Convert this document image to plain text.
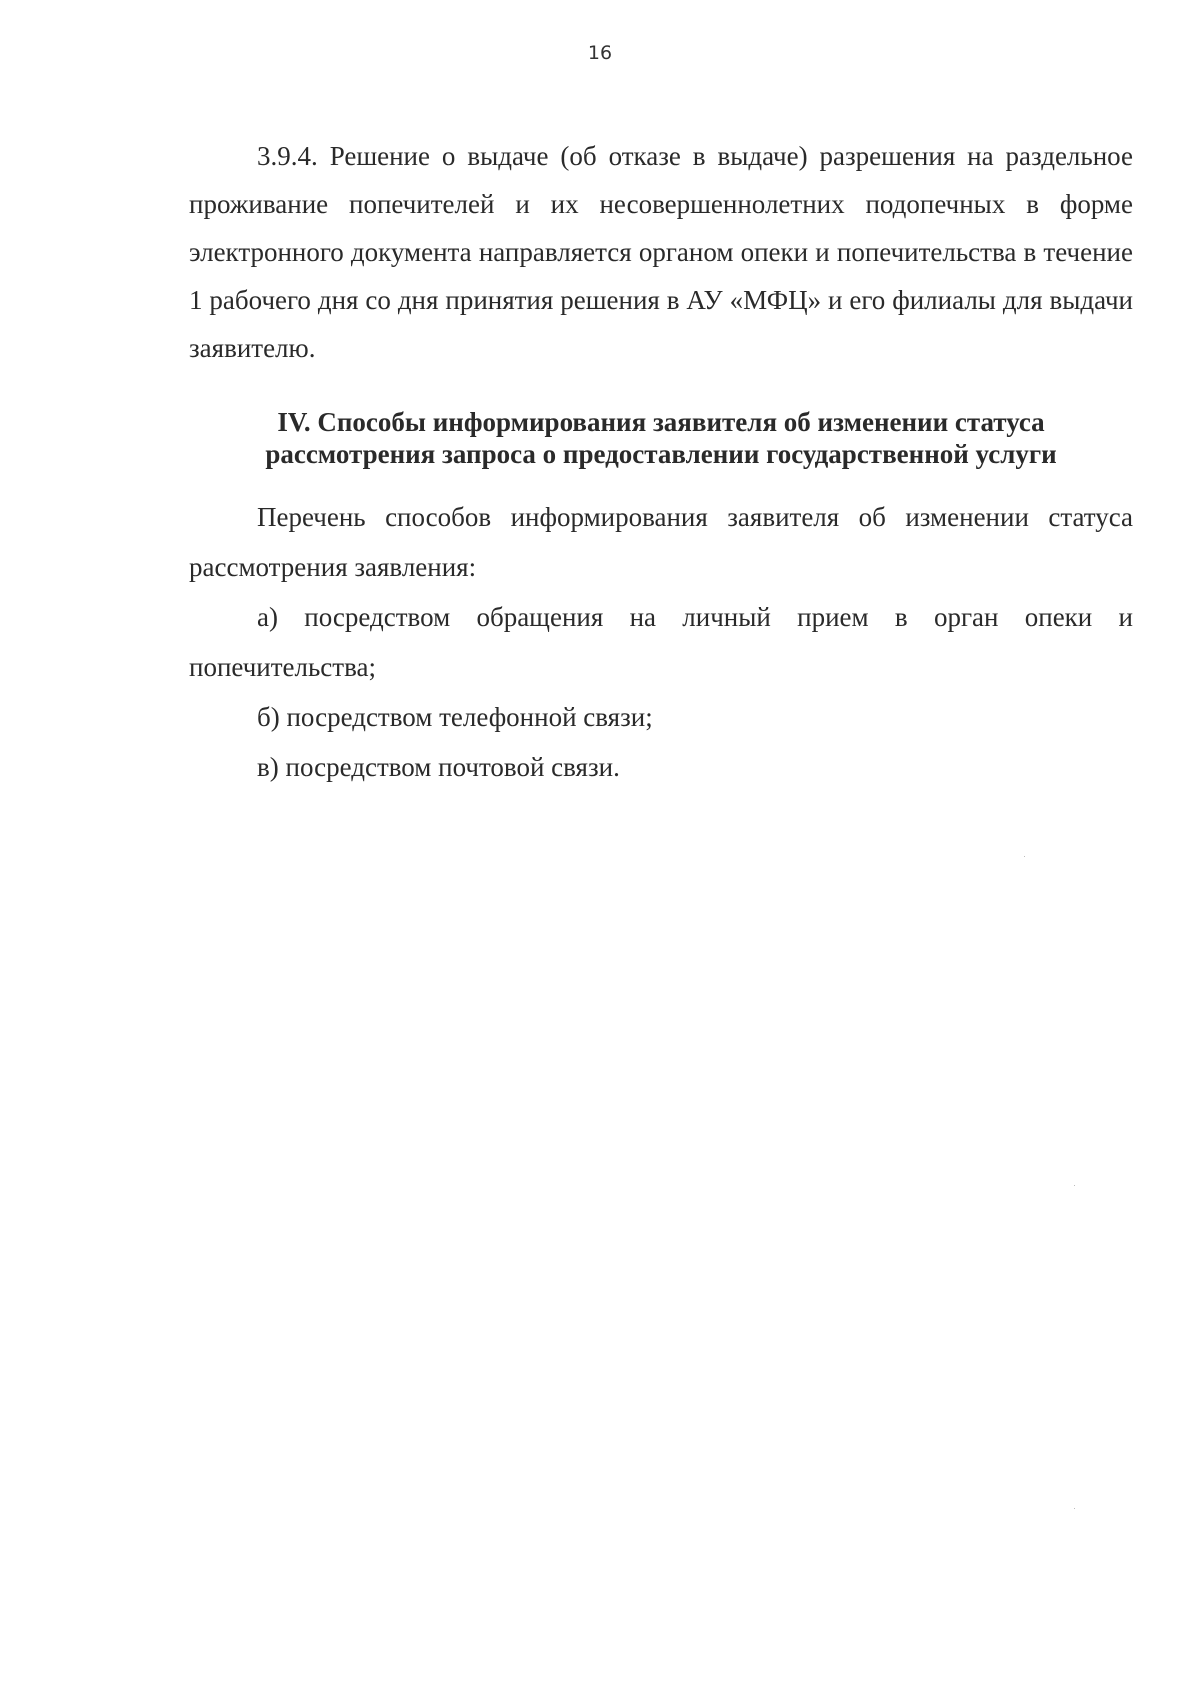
16

3.9.4. Решение о выдаче (об отказе в выдаче) разрешения на раздельное проживание попечителей и их несовершеннолетних подопечных в форме электронного документа направляется органом опеки и попечительства в течение 1 рабочего дня со дня принятия решения в АУ «МФЦ» и его филиалы для выдачи заявителю.

IV. Способы информирования заявителя об изменении статуса
рассмотрения запроса о предоставлении государственной услуги

Перечень способов информирования заявителя об изменении статуса рассмотрения заявления:

а) посредством обращения на личный прием в орган опеки и попечительства;

б) посредством телефонной связи;

в) посредством почтовой связи.
